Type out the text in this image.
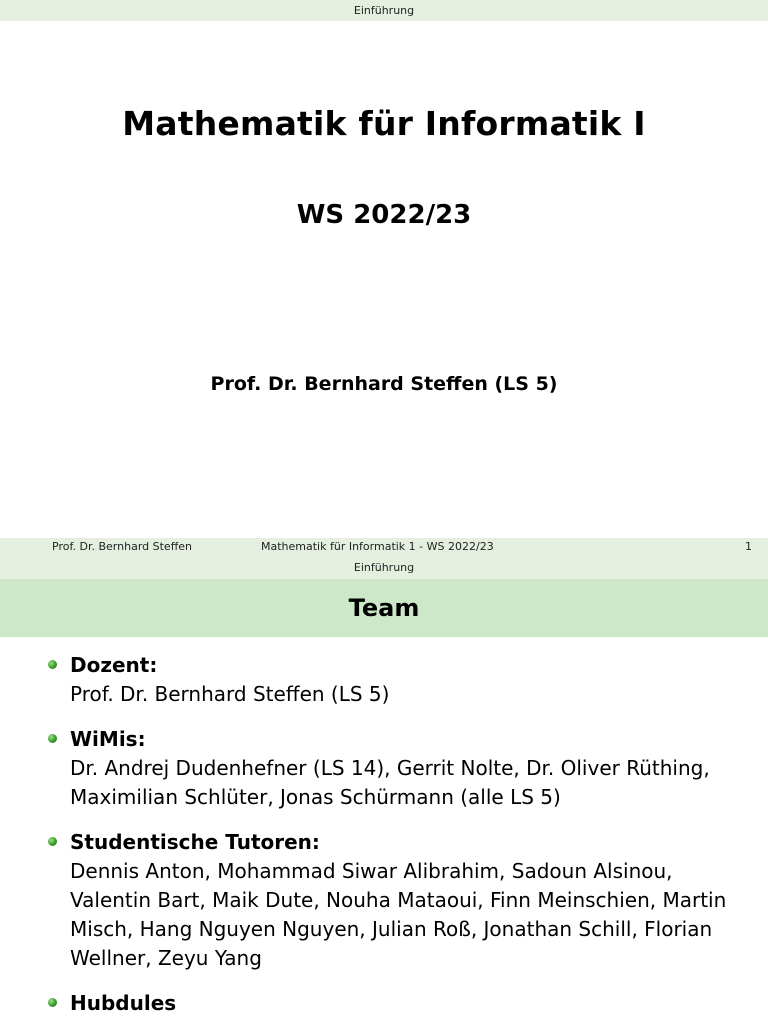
Einführung
Mathematik für Informatik I
WS 2022/23
Prof. Dr. Bernhard Steffen (LS 5)
Prof. Dr. Bernhard Steffen	Mathematik für Informatik 1 - WS 2022/23	1
Einführung
Team
Dozent:
Prof. Dr. Bernhard Steffen (LS 5)
WiMis:
Dr. Andrej Dudenhefner (LS 14), Gerrit Nolte, Dr. Oliver Rüthing, Maximilian Schlüter, Jonas Schürmann (alle LS 5)
Studentische Tutoren:
Dennis Anton, Mohammad Siwar Alibrahim, Sadoun Alsinou, Valentin Bart, Maik Dute, Nouha Mataoui, Finn Meinschien, Martin Misch, Hang Nguyen Nguyen, Julian Roß, Jonathan Schill, Florian Wellner, Zeyu Yang
Hubdules
